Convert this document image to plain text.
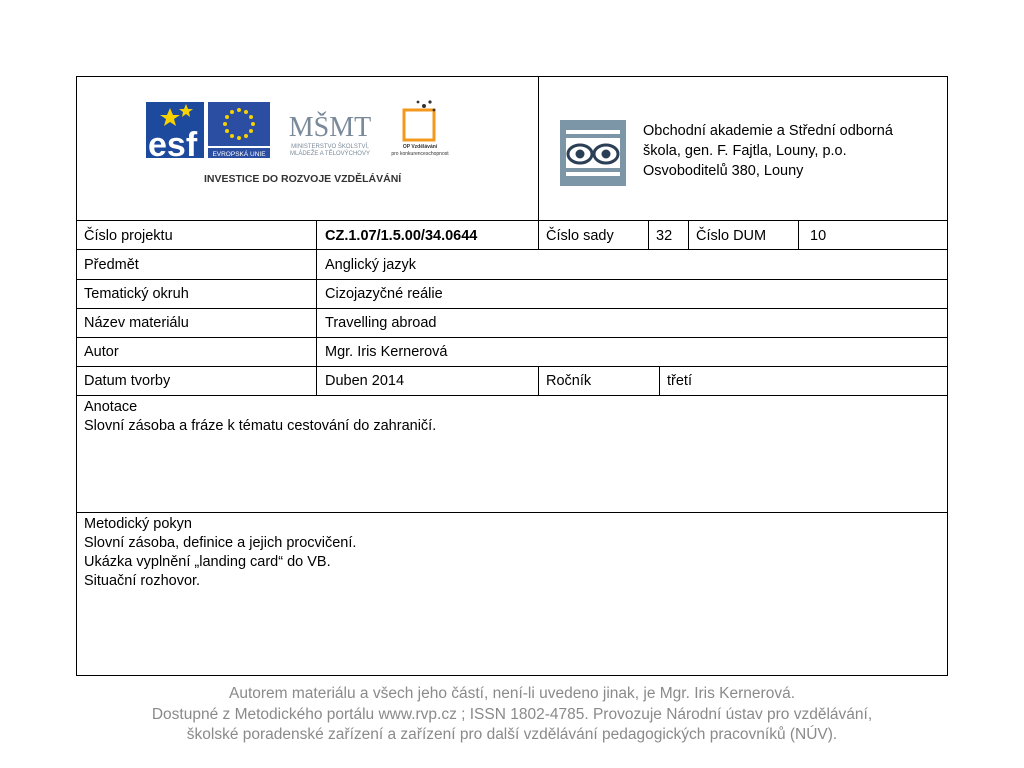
esf EVROPSKÁ UNIE
MŠMT
MINISTERSTVO ŠKOLSTVÍ,
MLÁDEŽE A TĚLOVÝCHOVY
OP Vzdělávání
pro konkurenceschopnost
INVESTICE DO ROZVOJE VZDĚLÁVÁNÍ
Obchodní akademie a Střední odborná
škola, gen. F. Fajtla, Louny, p.o.
Osvoboditelů 380, Louny
Číslo projektu	CZ.1.07/1.5.00/34.0644	Číslo sady	32 Číslo DUM	10
Předmět	Anglický jazyk
Tematický okruh	Cizojazyčné reálie
Název materiálu	Travelling abroad
Autor	Mgr. Iris Kernerová
Datum tvorby	Duben 2014	Ročník	třetí
Anotace
Slovní zásoba a fráze k tématu cestování do zahraničí.
Metodický pokyn
Slovní zásoba, definice a jejich procvičení.
Ukázka vyplnění „landing card“ do VB.
Situační rozhovor.
Autorem materiálu a všech jeho částí, není-li uvedeno jinak, je Mgr. Iris Kernerová.
Dostupné z Metodického portálu www.rvp.cz ; ISSN 1802-4785. Provozuje Národní ústav pro vzdělávání,
školské poradenské zařízení a zařízení pro další vzdělávání pedagogických pracovníků (NÚV).
